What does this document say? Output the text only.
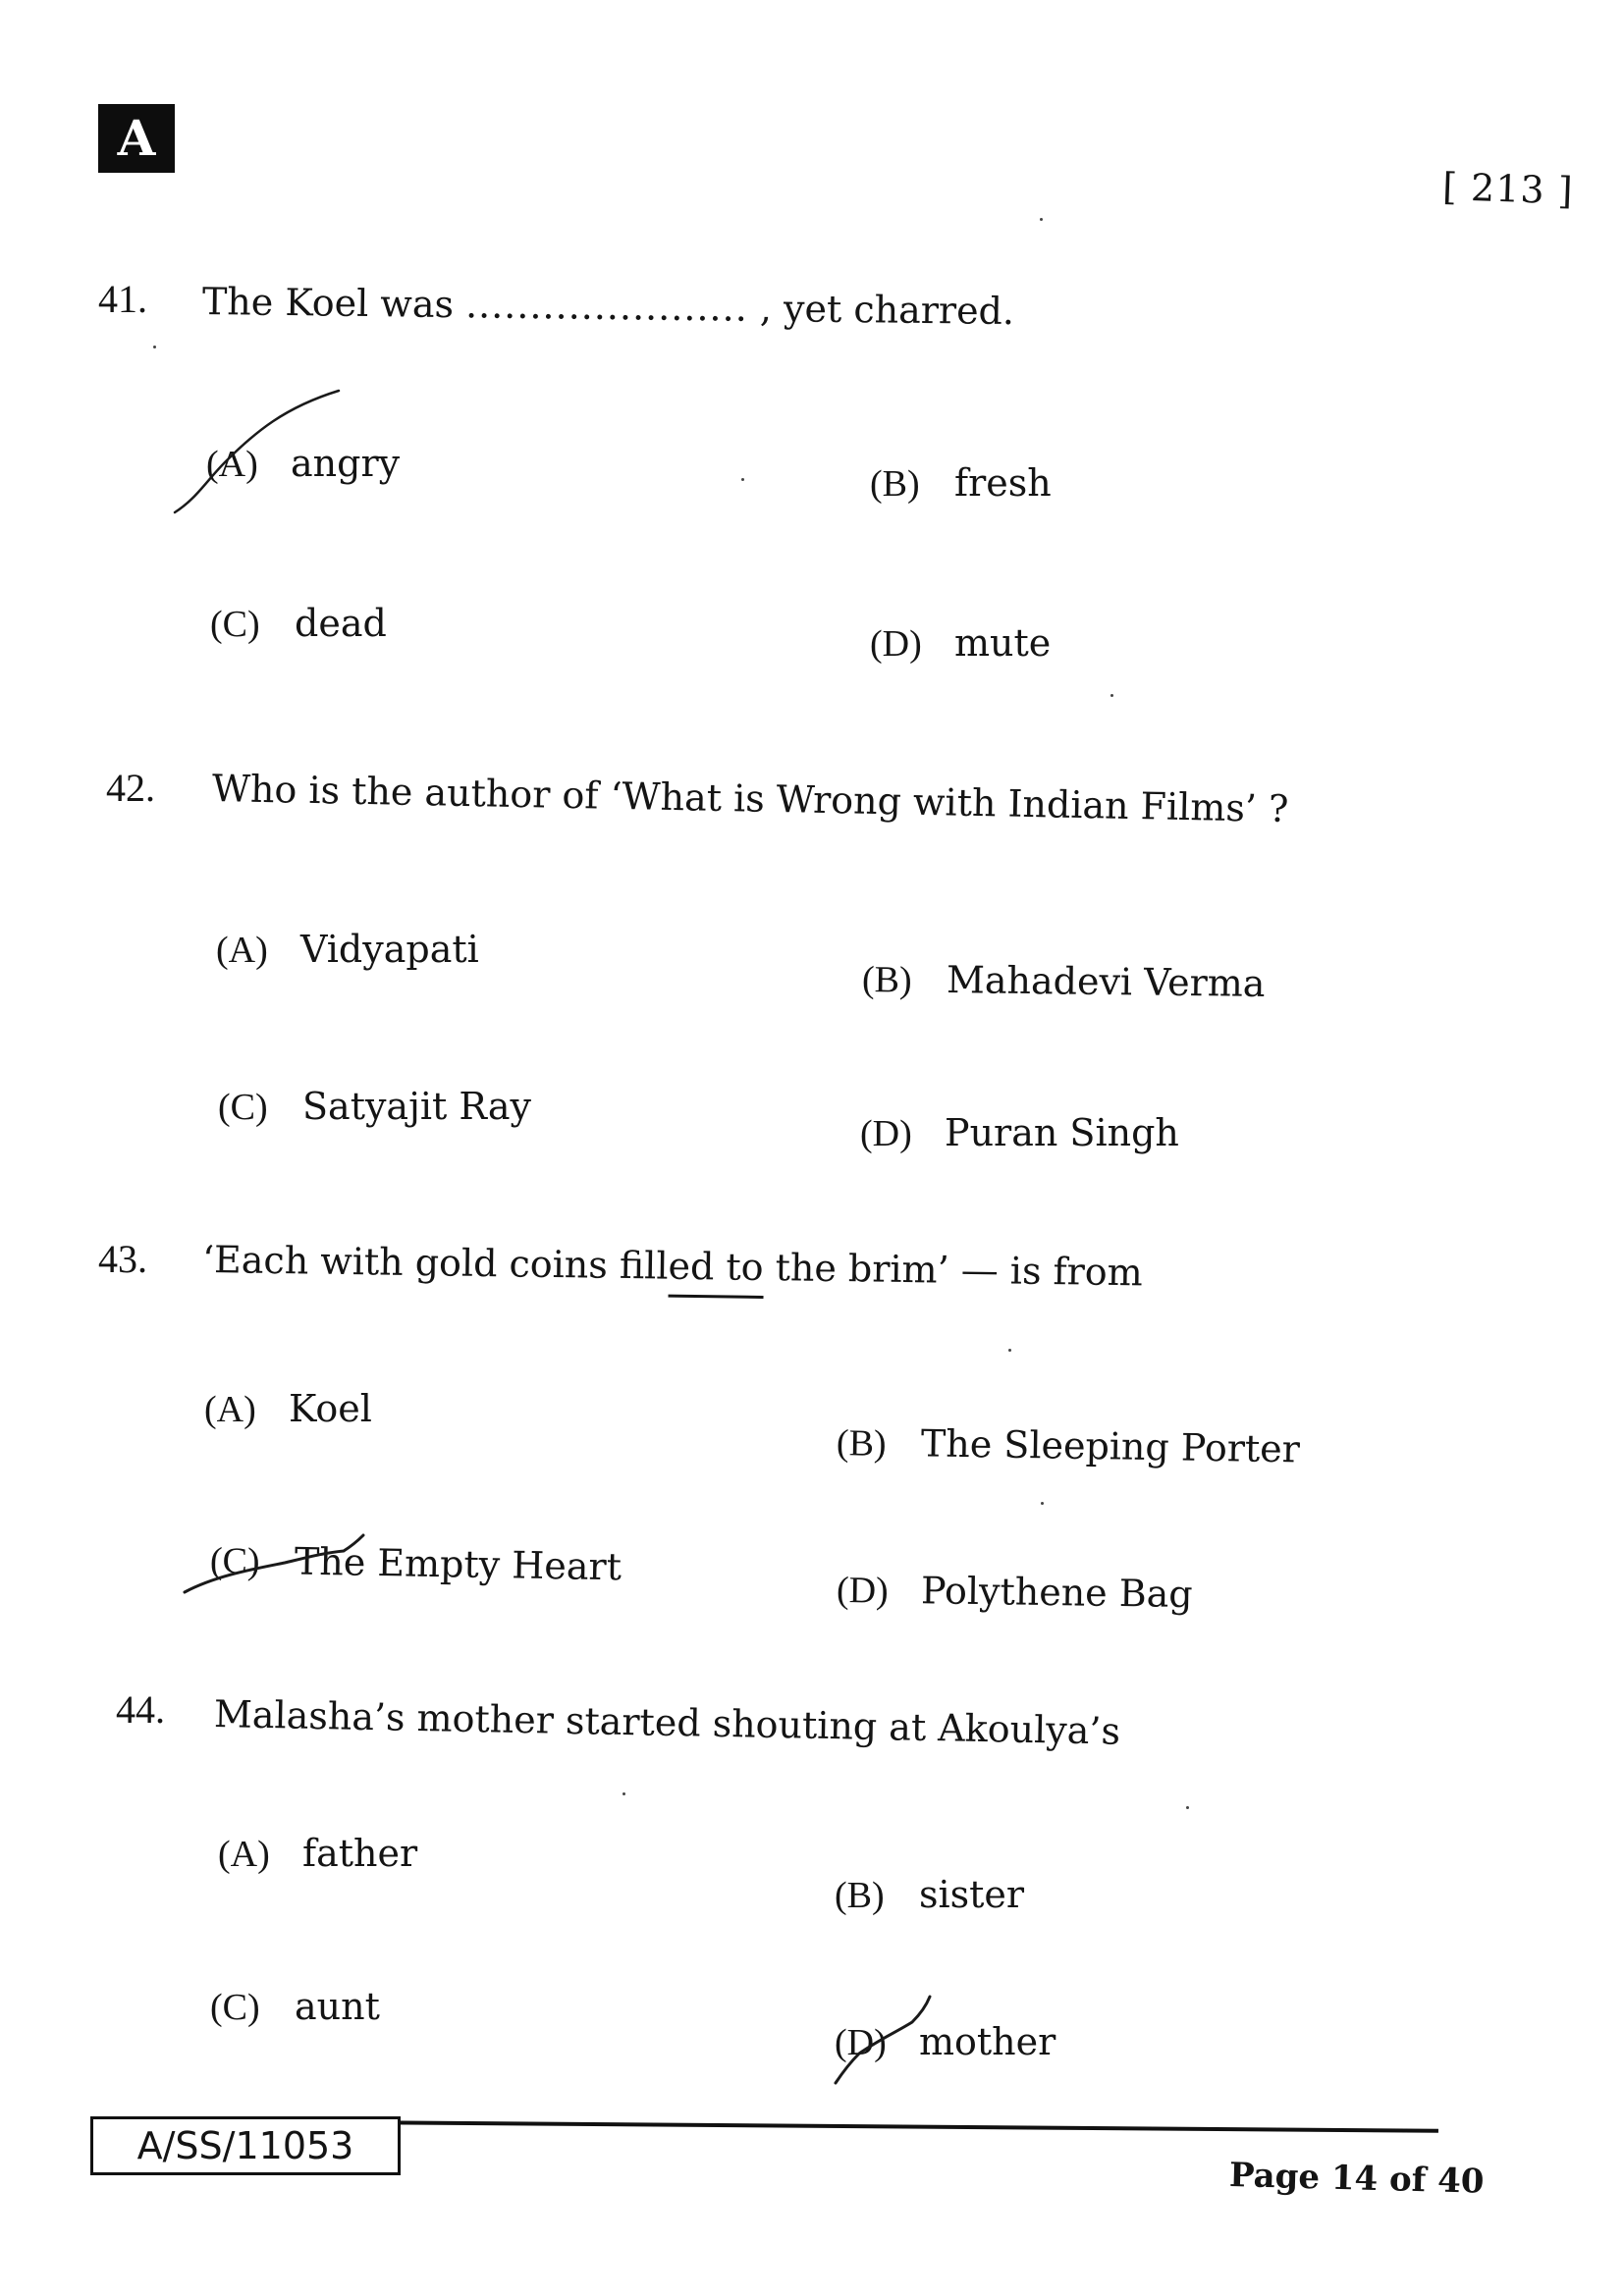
A
[ 213 ]
41. The Koel was ...................... , yet charred.
(A) angry	(B) fresh
(C) dead	(D) mute
42. Who is the author of ‘What is Wrong with Indian Films’ ?
(A) Vidyapati
(B) Mahadevi Verma
(C) Satyajit Ray
(D) Puran Singh
43. ‘Each with gold coins filled to the brim’ — is from
(A) Koel
(B) The Sleeping Porter
(C) The Empty Heart
(D) Polythene Bag
44. Malasha’s mother started shouting at Akoulya’s
(A) father
(B) sister
(C) aunt
(D) mother
A/SS/11053
Page 14 of 40
